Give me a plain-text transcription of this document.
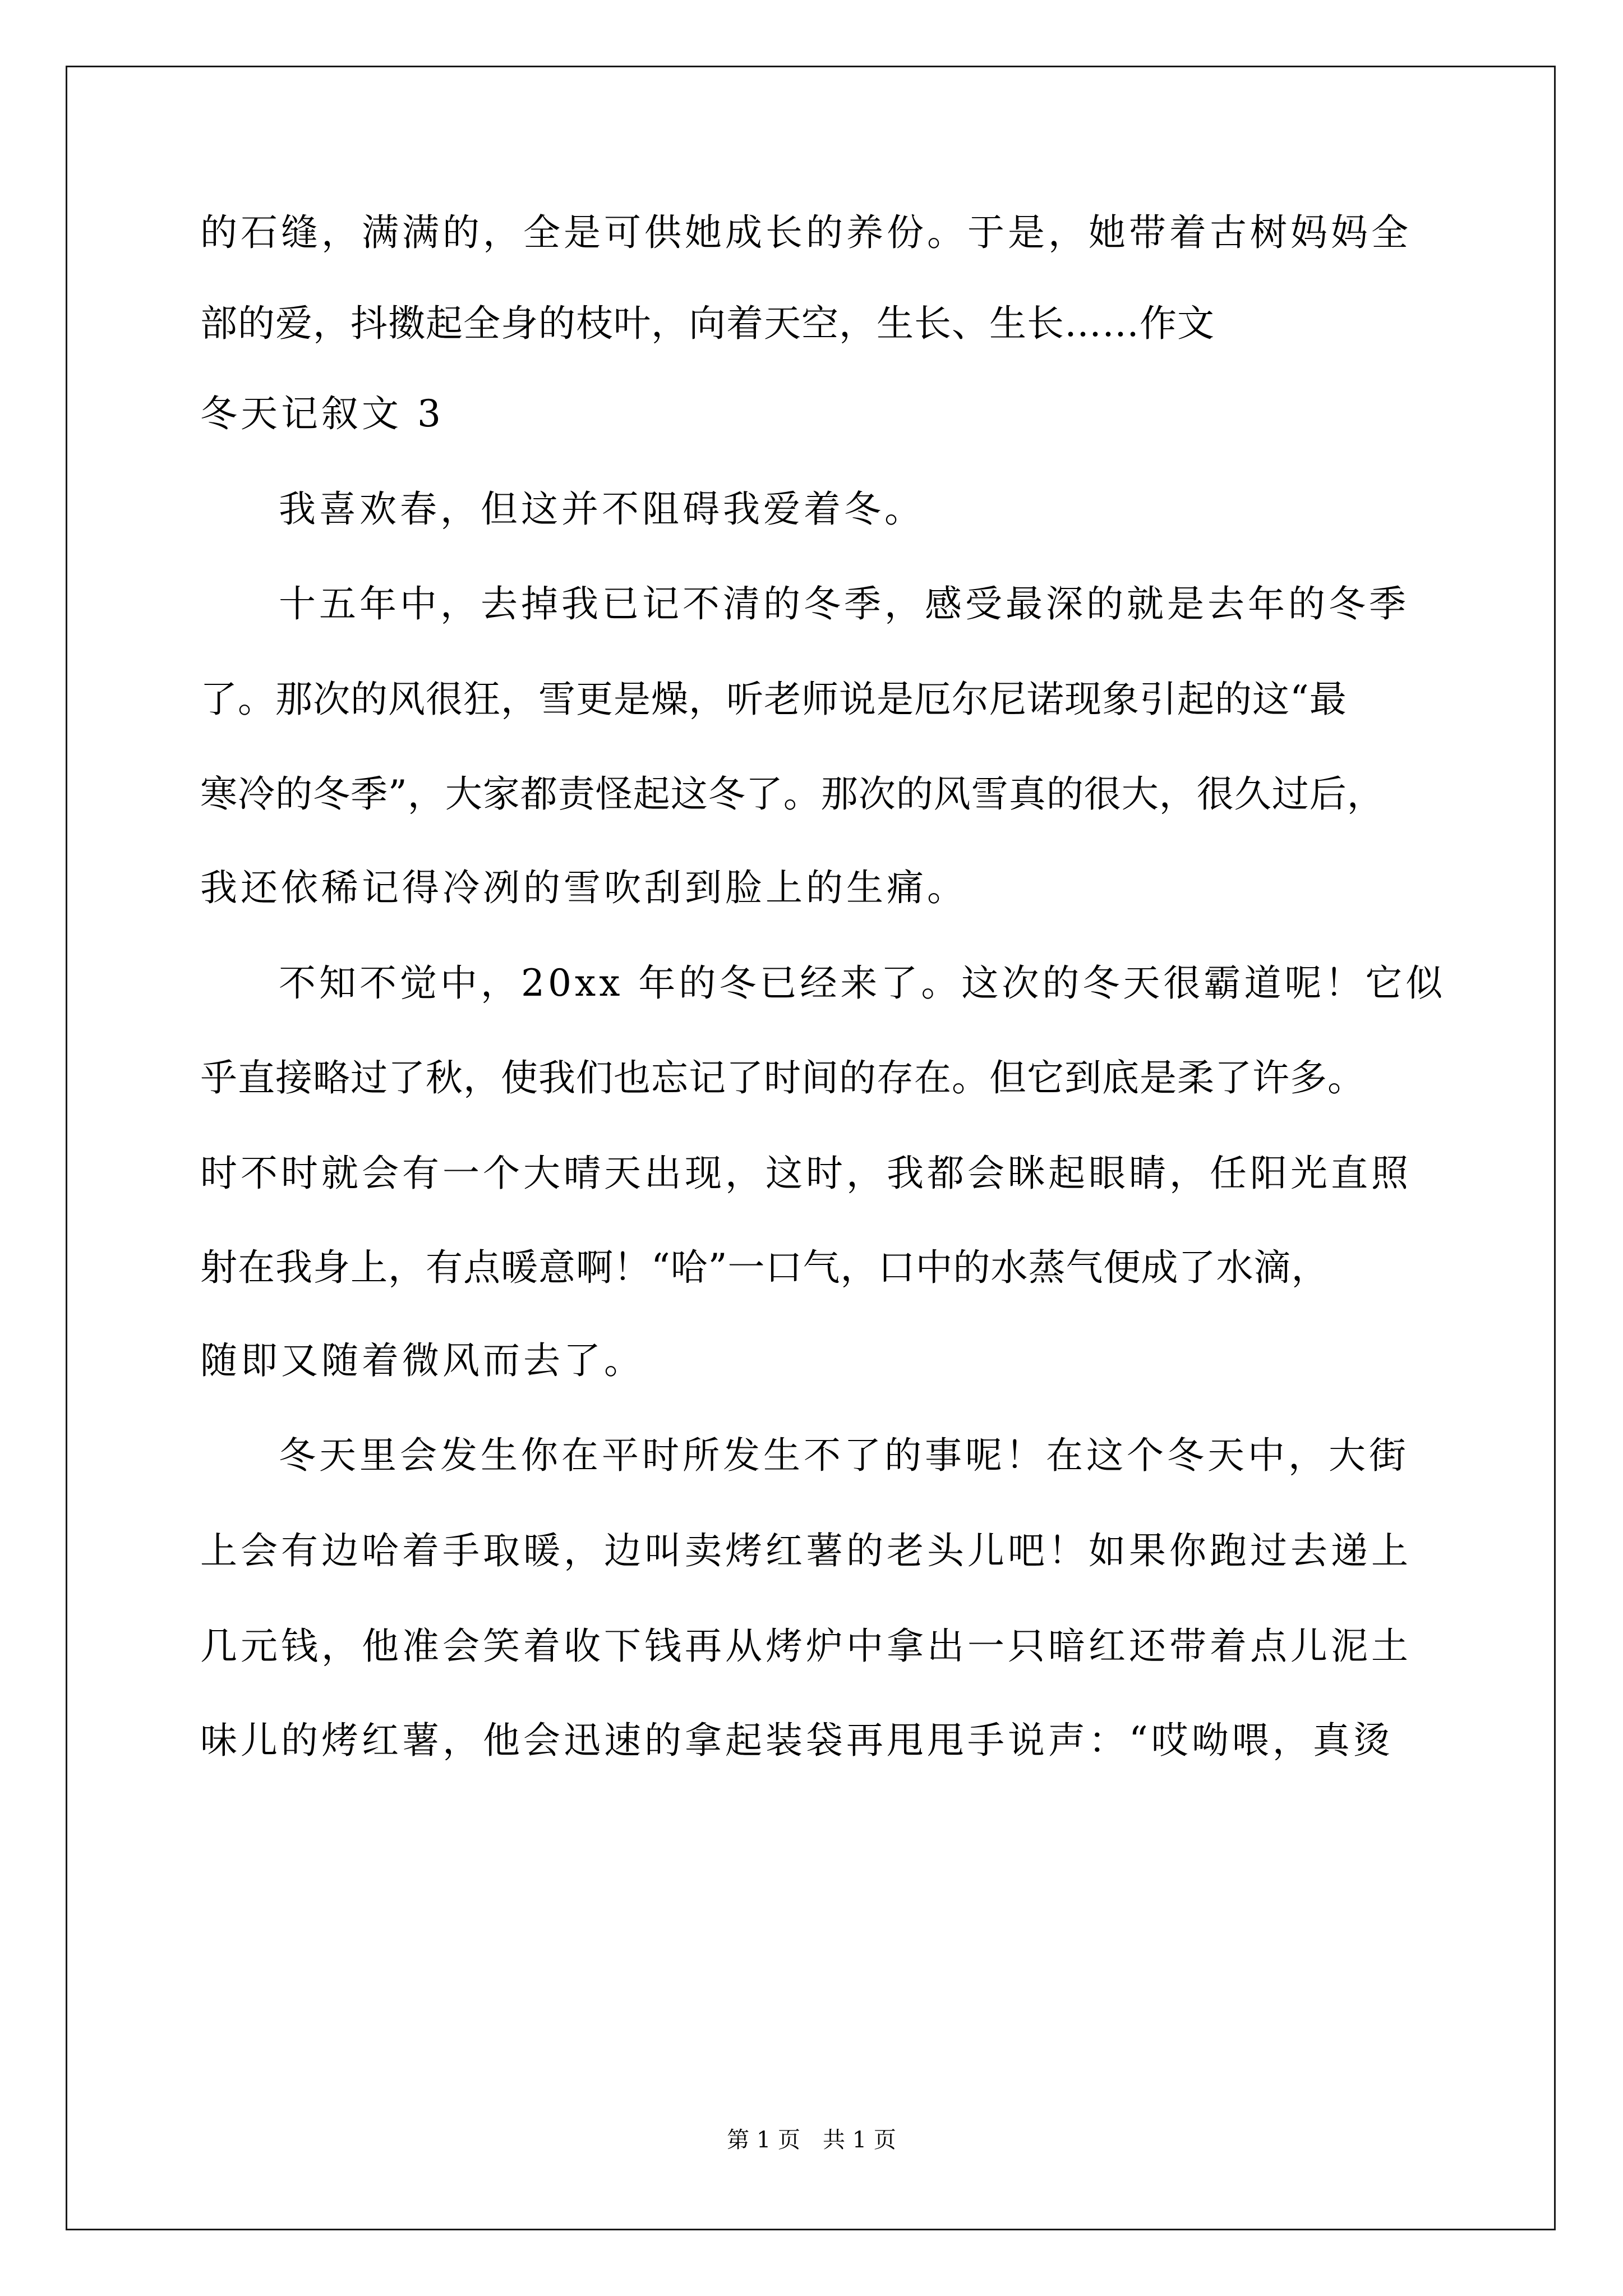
的石缝，满满的，全是可供她成长的养份。于是，她带着古树妈妈全
部的爱，抖擞起全身的枝叶，向着天空，生长、生长……作文
冬天记叙文 3
我喜欢春，但这并不阻碍我爱着冬。
十五年中，去掉我已记不清的冬季，感受最深的就是去年的冬季
了。那次的风很狂，雪更是燥，听老师说是厄尔尼诺现象引起的这“最
寒冷的冬季”，大家都责怪起这冬了。那次的风雪真的很大，很久过后，
我还依稀记得冷冽的雪吹刮到脸上的生痛。
不知不觉中，20xx 年的冬已经来了。这次的冬天很霸道呢！它似
乎直接略过了秋，使我们也忘记了时间的存在。但它到底是柔了许多。
时不时就会有一个大晴天出现，这时，我都会眯起眼睛，任阳光直照
射在我身上，有点暖意啊！“哈”一口气，口中的水蒸气便成了水滴，
随即又随着微风而去了。
冬天里会发生你在平时所发生不了的事呢！在这个冬天中，大街
上会有边哈着手取暖，边叫卖烤红薯的老头儿吧！如果你跑过去递上
几元钱，他准会笑着收下钱再从烤炉中拿出一只暗红还带着点儿泥土
味儿的烤红薯，他会迅速的拿起装袋再甩甩手说声：“哎呦喂，真烫
第 1 页　共 1 页
